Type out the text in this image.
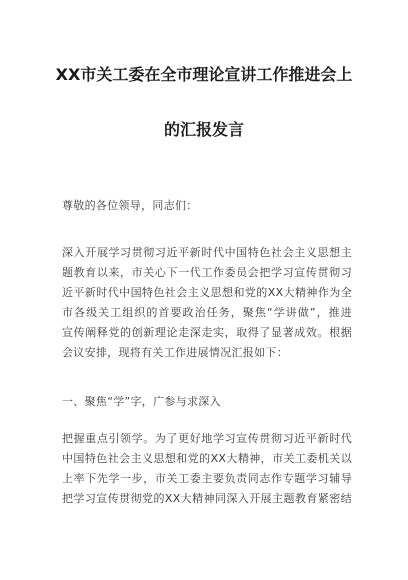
XX市关工委在全市理论宣讲工作推进会上
的汇报发言
尊敬的各位领导，同志们：
深入开展学习贯彻习近平新时代中国特色社会主义思想主
题教育以来，市关心下一代工作委员会把学习宣传贯彻习
近平新时代中国特色社会主义思想和党的XX大精神作为全
市各级关工组织的首要政治任务，聚焦“学讲做”，推进
宣传阐释党的创新理论走深走实，取得了显著成效。根据
会议安排，现将有关工作进展情况汇报如下：
一、聚焦“学”字，广参与求深入
把握重点引领学。为了更好地学习宣传贯彻习近平新时代
中国特色社会主义思想和党的XX大精神，市关工委机关以
上率下先学一步，市关工委主要负责同志作专题学习辅导
把学习宣传贯彻党的XX大精神同深入开展主题教育紧密结
